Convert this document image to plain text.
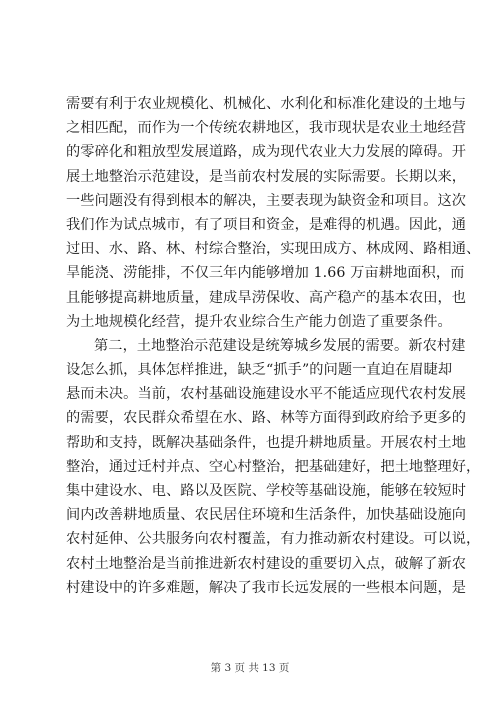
需要有利于农业规模化、机械化、水利化和标准化建设的土地与
之相匹配，而作为一个传统农耕地区，我市现状是农业土地经营
的零碎化和粗放型发展道路，成为现代农业大力发展的障碍。开
展土地整治示范建设，是当前农村发展的实际需要。长期以来，
一些问题没有得到根本的解决，主要表现为缺资金和项目。这次
我们作为试点城市，有了项目和资金，是难得的机遇。因此，通
过田、水、路、林、村综合整治，实现田成方、林成网、路相通、
旱能浇、涝能排，不仅三年内能够增加 1.66 万亩耕地面积，而
且能够提高耕地质量，建成旱涝保收、高产稳产的基本农田，也
为土地规模化经营，提升农业综合生产能力创造了重要条件。
第二，土地整治示范建设是统筹城乡发展的需要。新农村建
设怎么抓，具体怎样推进，缺乏“抓手”的问题一直迫在眉睫却
悬而未决。当前，农村基础设施建设水平不能适应现代农村发展
的需要，农民群众希望在水、路、林等方面得到政府给予更多的
帮助和支持，既解决基础条件，也提升耕地质量。开展农村土地
整治，通过迁村并点、空心村整治，把基础建好，把土地整理好，
集中建设水、电、路以及医院、学校等基础设施，能够在较短时
间内改善耕地质量、农民居住环境和生活条件，加快基础设施向
农村延伸、公共服务向农村覆盖，有力推动新农村建设。可以说，
农村土地整治是当前推进新农村建设的重要切入点，破解了新农
村建设中的许多难题，解决了我市长远发展的一些根本问题，是
第 3 页 共 13 页
